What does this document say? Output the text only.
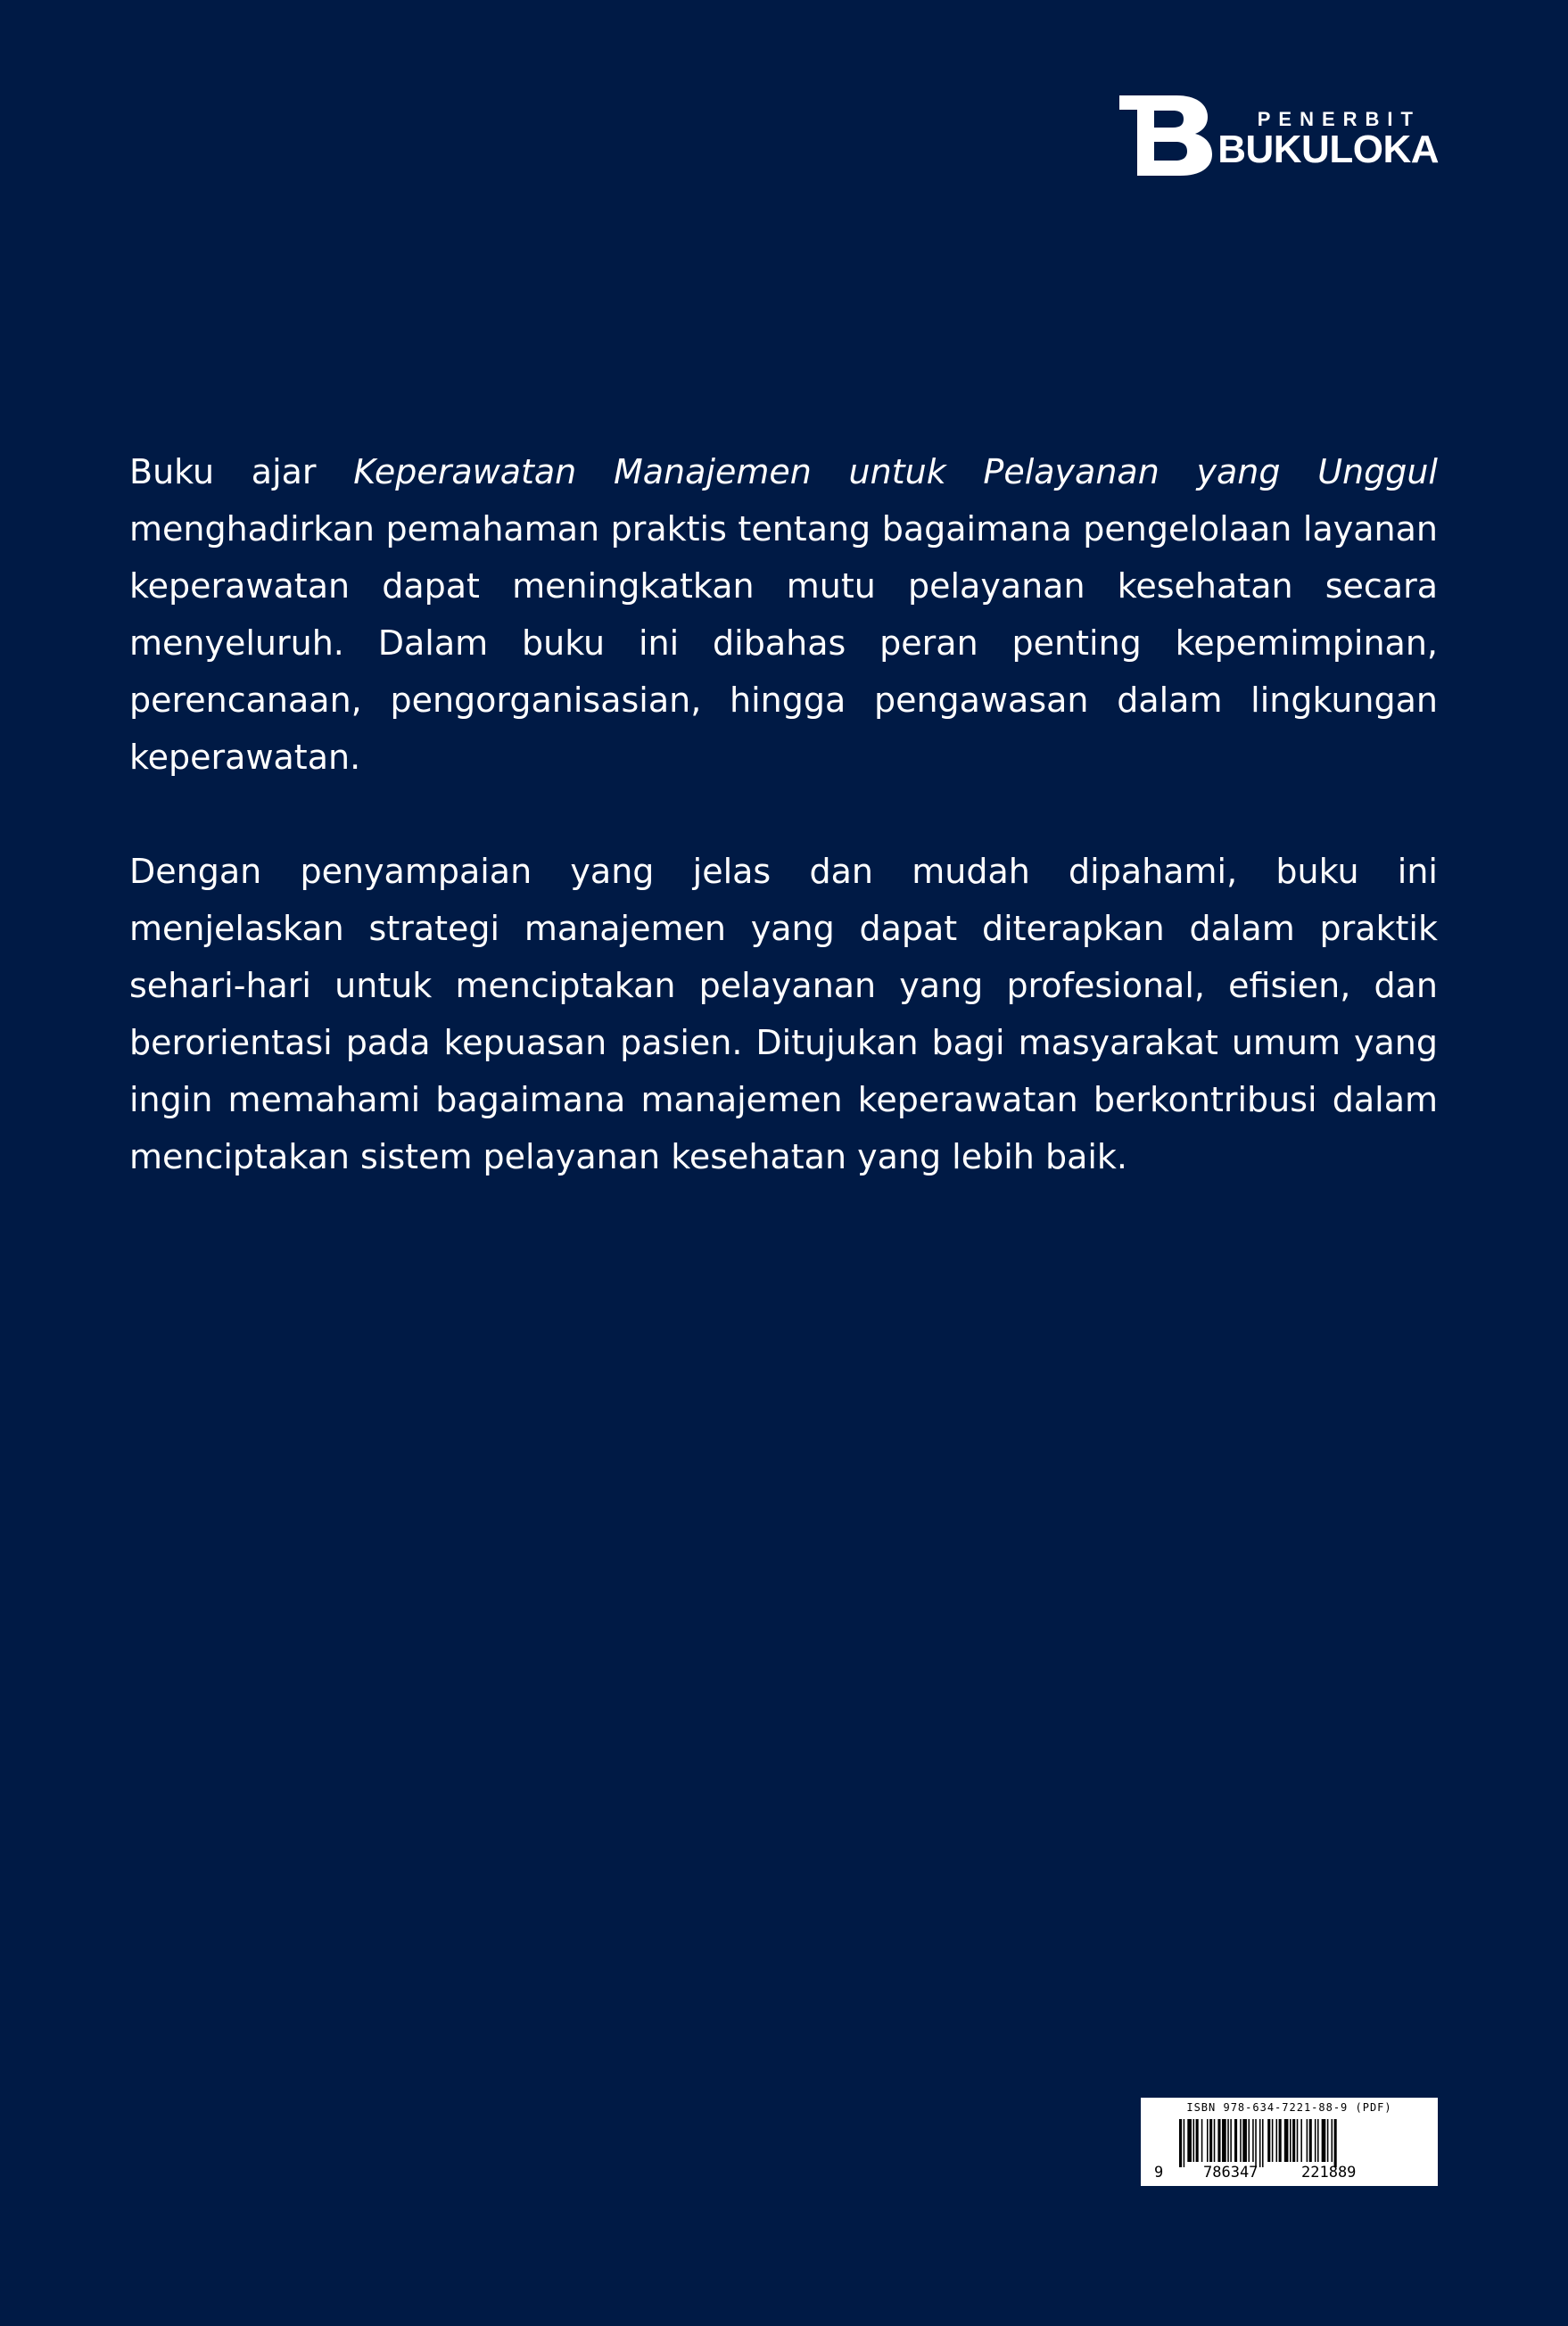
PENERBIT
BUKULOKA

Buku ajar Keperawatan Manajemen untuk Pelayanan yang Unggul menghadirkan pemahaman praktis tentang bagaimana pengelolaan layanan keperawatan dapat meningkatkan mutu pelayanan kesehatan secara menyeluruh. Dalam buku ini dibahas peran penting kepemimpinan, perencanaan, pengorganisasian, hingga pengawasan dalam lingkungan keperawatan.

Dengan penyampaian yang jelas dan mudah dipahami, buku ini menjelaskan strategi manajemen yang dapat diterapkan dalam praktik sehari-hari untuk menciptakan pelayanan yang profesional, efisien, dan berorientasi pada kepuasan pasien. Ditujukan bagi masyarakat umum yang ingin memahami bagaimana manajemen keperawatan berkontribusi dalam menciptakan sistem pelayanan kesehatan yang lebih baik.

ISBN 978-634-7221-88-9 (PDF)
9	786347	221889
